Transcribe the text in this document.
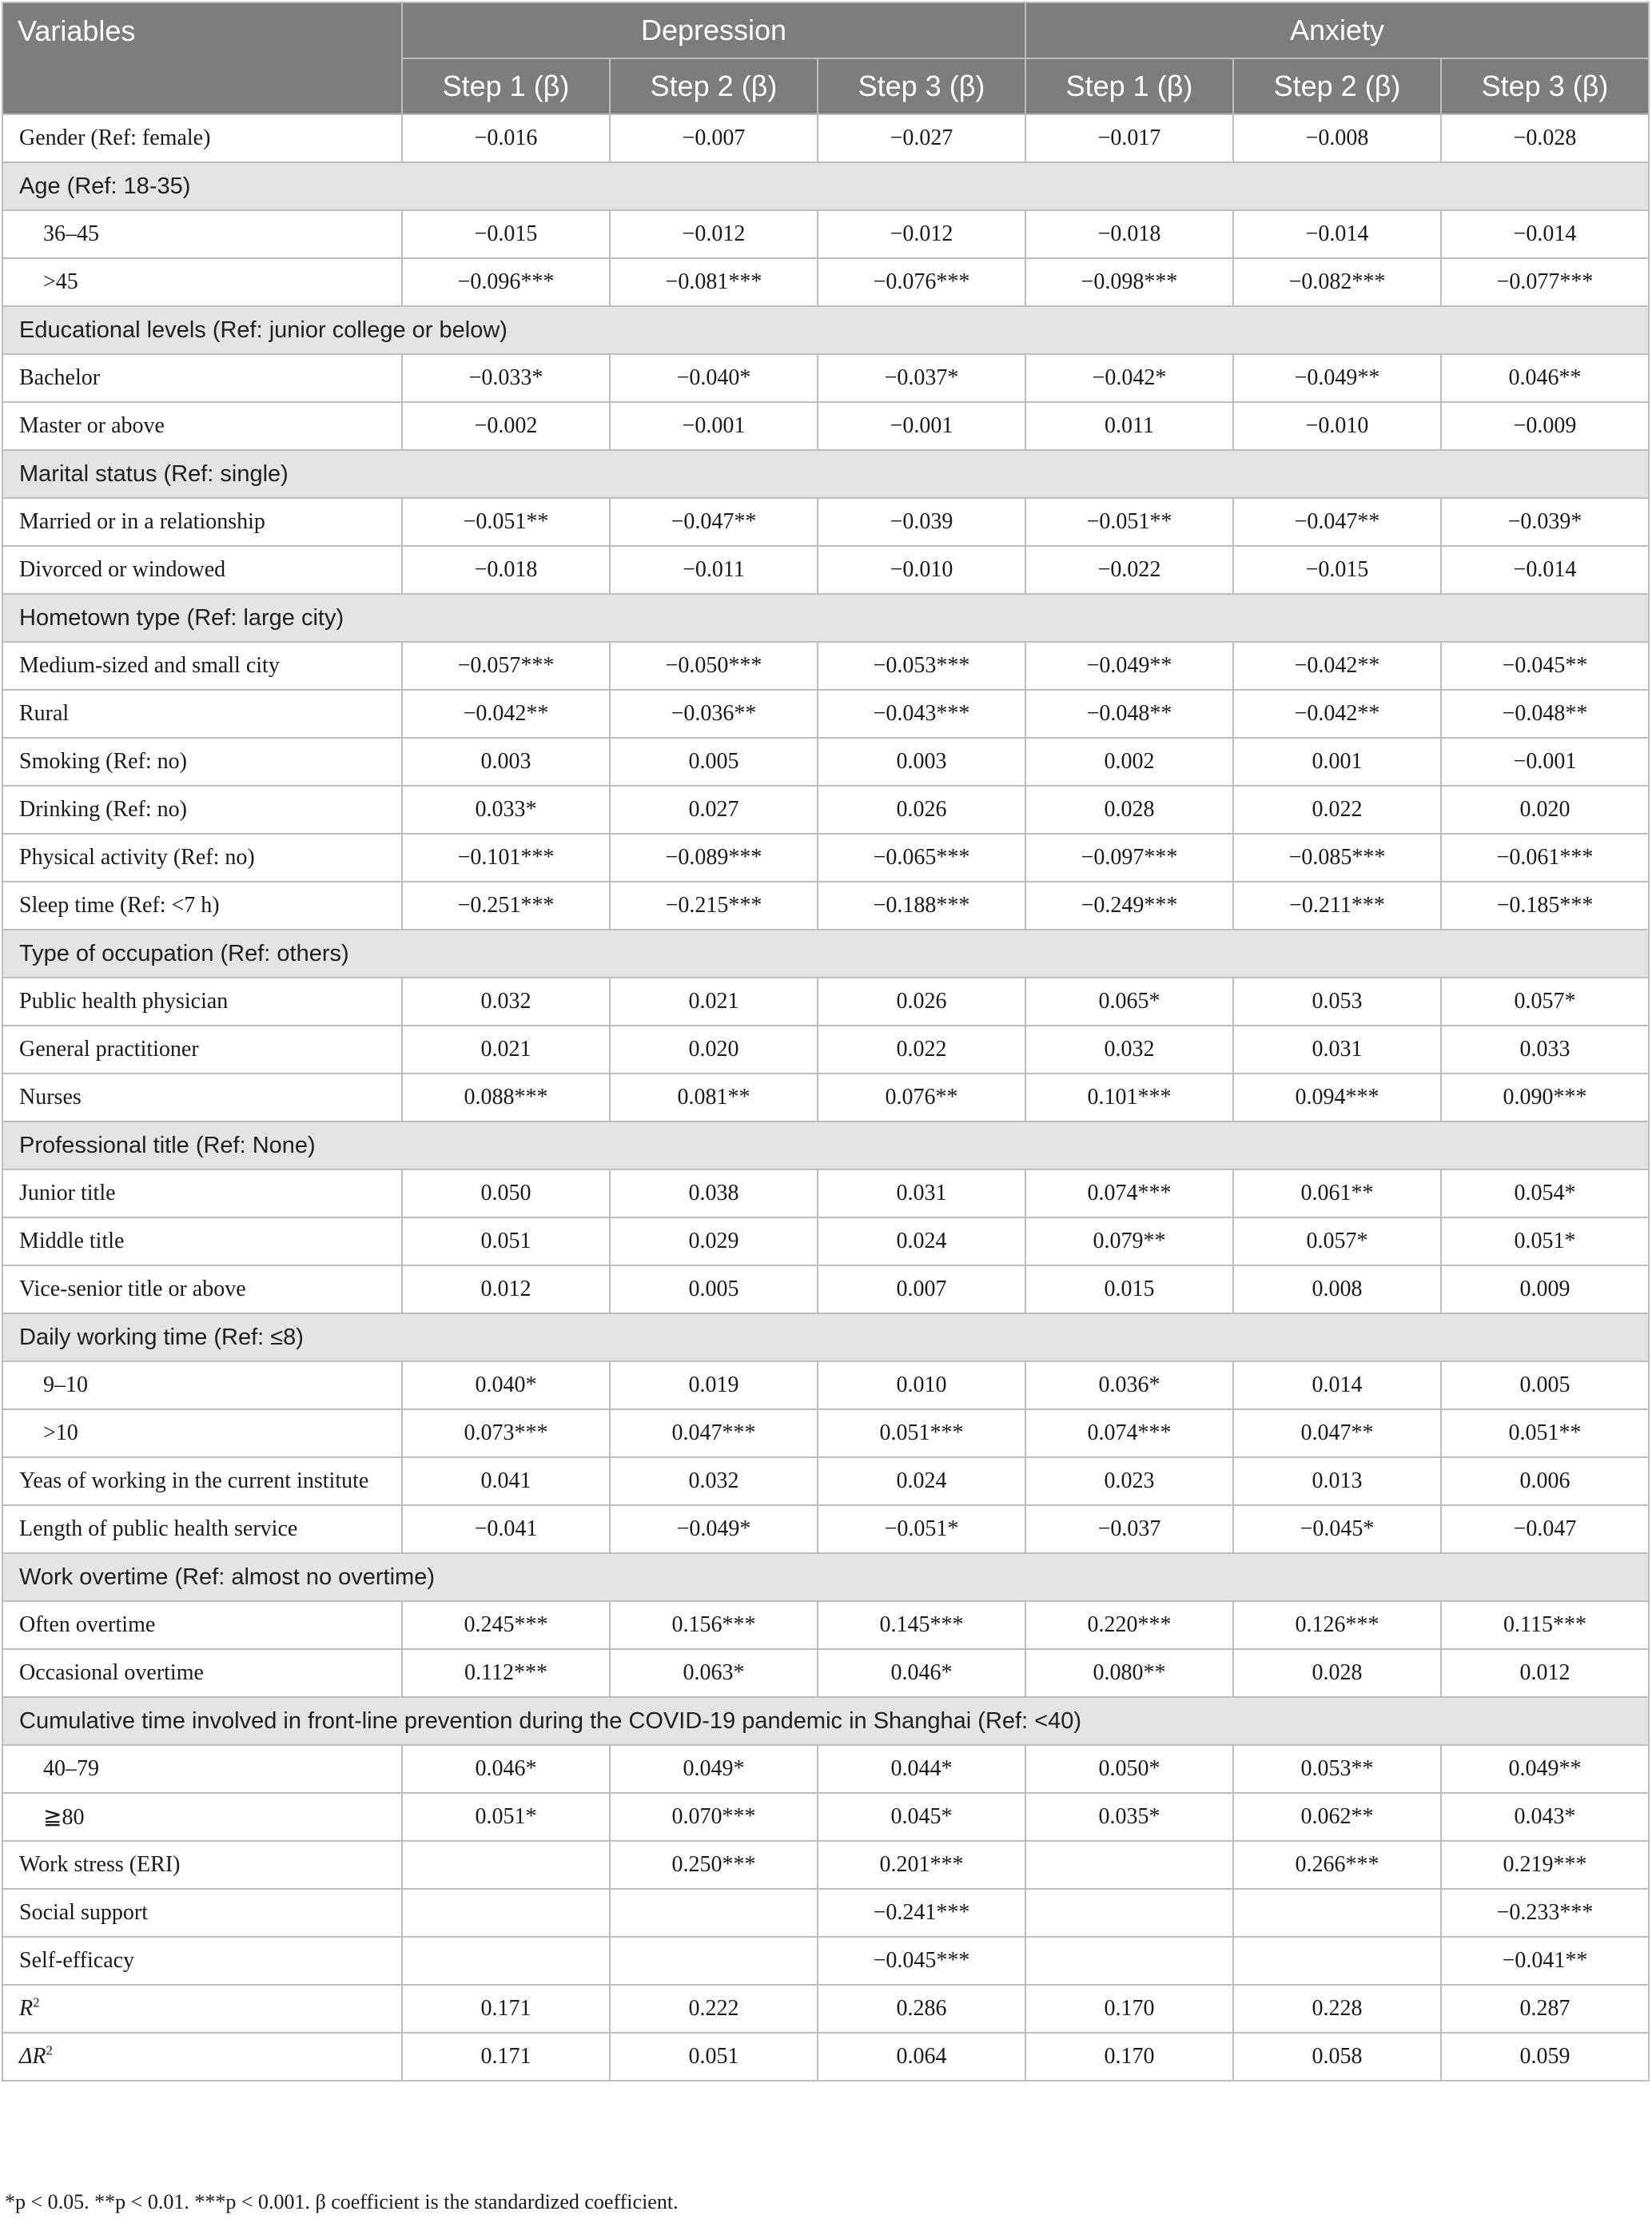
Variables	Depression			Anxiety		
	Step 1 (β)	Step 2 (β)	Step 3 (β)	Step 1 (β)	Step 2 (β)	Step 3 (β)
Gender (Ref: female)	−0.016	−0.007	−0.027	−0.017	−0.008	−0.028
Age (Ref: 18-35)						
36–45	−0.015	−0.012	−0.012	−0.018	−0.014	−0.014
>45	−0.096***	−0.081***	−0.076***	−0.098***	−0.082***	−0.077***
Educational levels (Ref: junior college or below)						
Bachelor	−0.033*	−0.040*	−0.037*	−0.042*	−0.049**	0.046**
Master or above	−0.002	−0.001	−0.001	0.011	−0.010	−0.009
Marital status (Ref: single)						
Married or in a relationship	−0.051**	−0.047**	−0.039	−0.051**	−0.047**	−0.039*
Divorced or windowed	−0.018	−0.011	−0.010	−0.022	−0.015	−0.014
Hometown type (Ref: large city)						
Medium-sized and small city	−0.057***	−0.050***	−0.053***	−0.049**	−0.042**	−0.045**
Rural	−0.042**	−0.036**	−0.043***	−0.048**	−0.042**	−0.048**
Smoking (Ref: no)	0.003	0.005	0.003	0.002	0.001	−0.001
Drinking (Ref: no)	0.033*	0.027	0.026	0.028	0.022	0.020
Physical activity (Ref: no)	−0.101***	−0.089***	−0.065***	−0.097***	−0.085***	−0.061***
Sleep time (Ref: <7 h)	−0.251***	−0.215***	−0.188***	−0.249***	−0.211***	−0.185***
Type of occupation (Ref: others)						
Public health physician	0.032	0.021	0.026	0.065*	0.053	0.057*
General practitioner	0.021	0.020	0.022	0.032	0.031	0.033
Nurses	0.088***	0.081**	0.076**	0.101***	0.094***	0.090***
Professional title (Ref: None)						
Junior title	0.050	0.038	0.031	0.074***	0.061**	0.054*
Middle title	0.051	0.029	0.024	0.079**	0.057*	0.051*
Vice-senior title or above	0.012	0.005	0.007	0.015	0.008	0.009
Daily working time (Ref: ≤8)						
9–10	0.040*	0.019	0.010	0.036*	0.014	0.005
>10	0.073***	0.047***	0.051***	0.074***	0.047**	0.051**
Yeas of working in the current institute	0.041	0.032	0.024	0.023	0.013	0.006
Length of public health service	−0.041	−0.049*	−0.051*	−0.037	−0.045*	−0.047
Work overtime (Ref: almost no overtime)						
Often overtime	0.245***	0.156***	0.145***	0.220***	0.126***	0.115***
Occasional overtime	0.112***	0.063*	0.046*	0.080**	0.028	0.012
Cumulative time involved in front-line prevention during the COVID-19 pandemic in Shanghai (Ref: <40)						
40–79	0.046*	0.049*	0.044*	0.050*	0.053**	0.049**
≧80	0.051*	0.070***	0.045*	0.035*	0.062**	0.043*
Work stress (ERI)		0.250***	0.201***		0.266***	0.219***
Social support			−0.241***			−0.233***
Self-efficacy			−0.045***			−0.041**
$R^2$	0.171	0.222	0.286	0.170	0.228	0.287
$\Delta R^2$	0.171	0.051	0.064	0.170	0.058	0.059
*p < 0.05. **p < 0.01. ***p < 0.001. β coefficient is the standardized coefficient.
